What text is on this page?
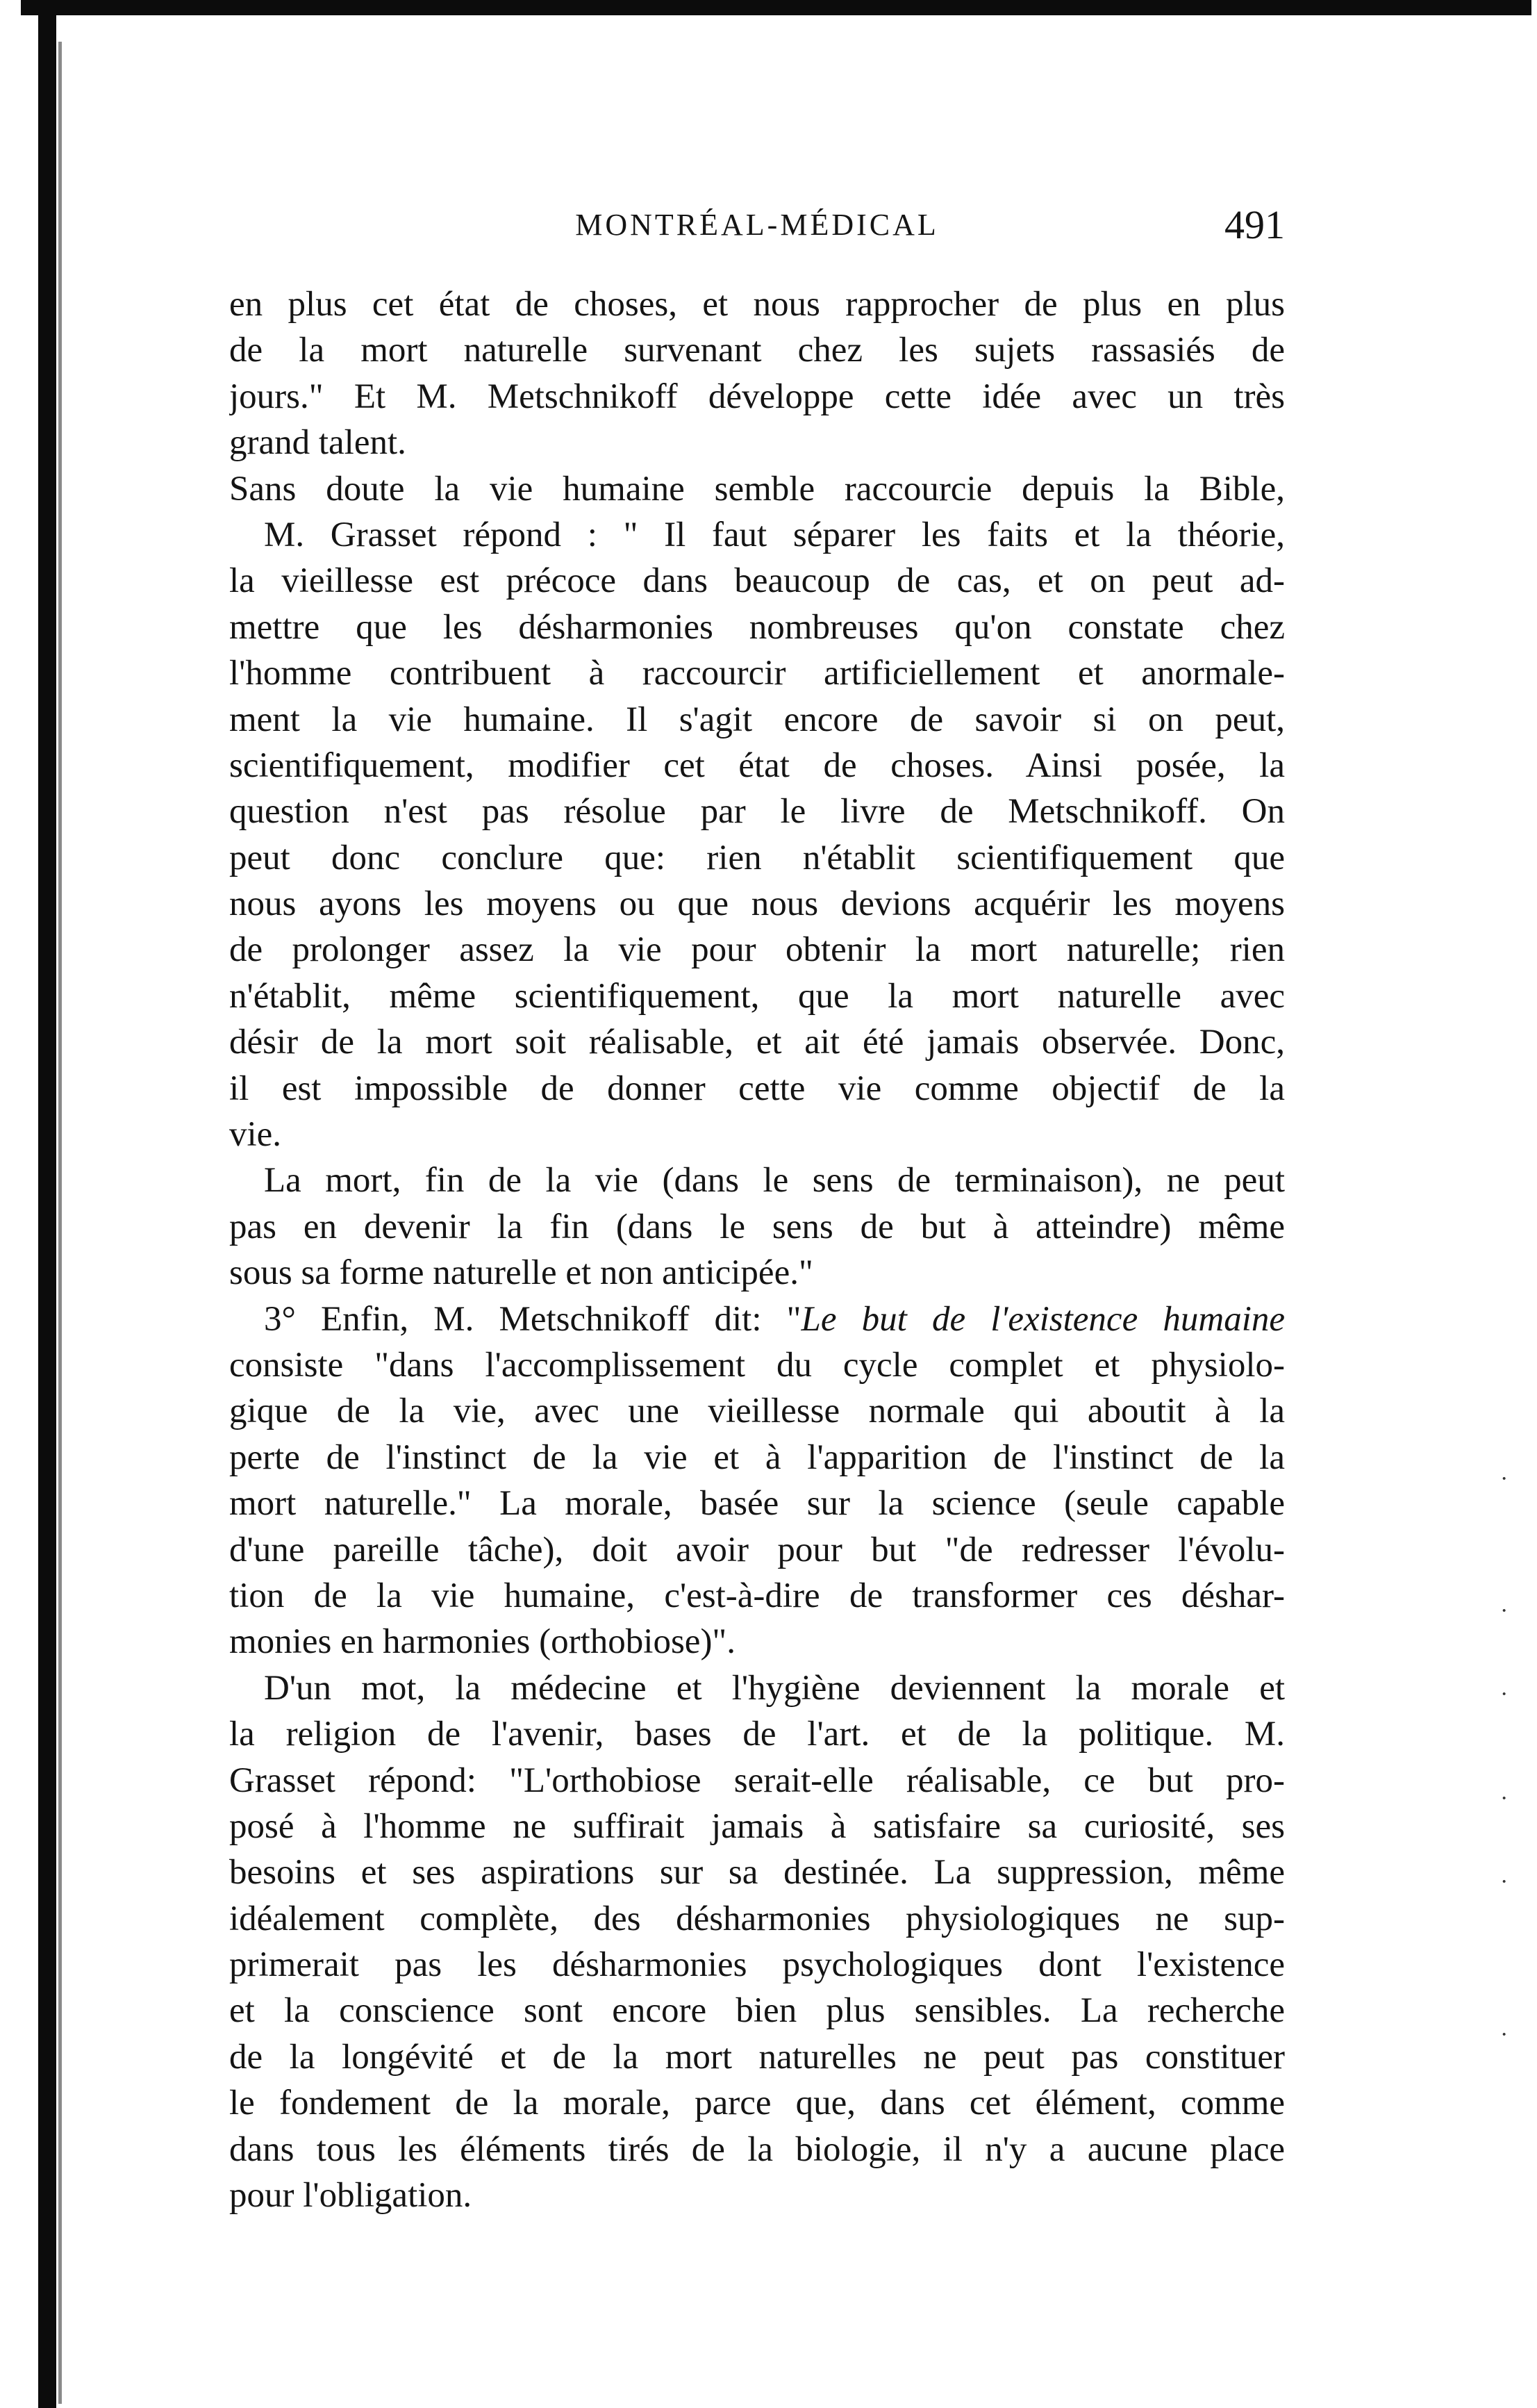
MONTRÉAL-MÉDICAL	491
en plus cet état de choses, et nous rapprocher de plus en plus
de la mort naturelle survenant chez les sujets rassasiés de
jours." Et M. Metschnikoff développe cette idée avec un très
grand talent.
Sans doute la vie humaine semble raccourcie depuis la Bible,
M. Grasset répond : " Il faut séparer les faits et la théorie,
la vieillesse est précoce dans beaucoup de cas, et on peut ad-
mettre que les désharmonies nombreuses qu'on constate chez
l'homme contribuent à raccourcir artificiellement et anormale-
ment la vie humaine. Il s'agit encore de savoir si on peut,
scientifiquement, modifier cet état de choses. Ainsi posée, la
question n'est pas résolue par le livre de Metschnikoff. On
peut donc conclure que: rien n'établit scientifiquement que
nous ayons les moyens ou que nous devions acquérir les moyens
de prolonger assez la vie pour obtenir la mort naturelle; rien
n'établit, même scientifiquement, que la mort naturelle avec
désir de la mort soit réalisable, et ait été jamais observée. Donc,
il est impossible de donner cette vie comme objectif de la
vie.
La mort, fin de la vie (dans le sens de terminaison), ne peut
pas en devenir la fin (dans le sens de but à atteindre) même
sous sa forme naturelle et non anticipée."
3° Enfin, M. Metschnikoff dit: "Le but de l'existence humaine
consiste "dans l'accomplissement du cycle complet et physiolo-
gique de la vie, avec une vieillesse normale qui aboutit à la
perte de l'instinct de la vie et à l'apparition de l'instinct de la
mort naturelle." La morale, basée sur la science (seule capable
d'une pareille tâche), doit avoir pour but "de redresser l'évolu-
tion de la vie humaine, c'est-à-dire de transformer ces déshar-
monies en harmonies (orthobiose)".
D'un mot, la médecine et l'hygiène deviennent la morale et
la religion de l'avenir, bases de l'art. et de la politique. M.
Grasset répond: "L'orthobiose serait-elle réalisable, ce but pro-
posé à l'homme ne suffirait jamais à satisfaire sa curiosité, ses
besoins et ses aspirations sur sa destinée. La suppression, même
idéalement complète, des désharmonies physiologiques ne sup-
primerait pas les désharmonies psychologiques dont l'existence
et la conscience sont encore bien plus sensibles. La recherche
de la longévité et de la mort naturelles ne peut pas constituer
le fondement de la morale, parce que, dans cet élément, comme
dans tous les éléments tirés de la biologie, il n'y a aucune place
pour l'obligation.
·
·
·
·
·
·
